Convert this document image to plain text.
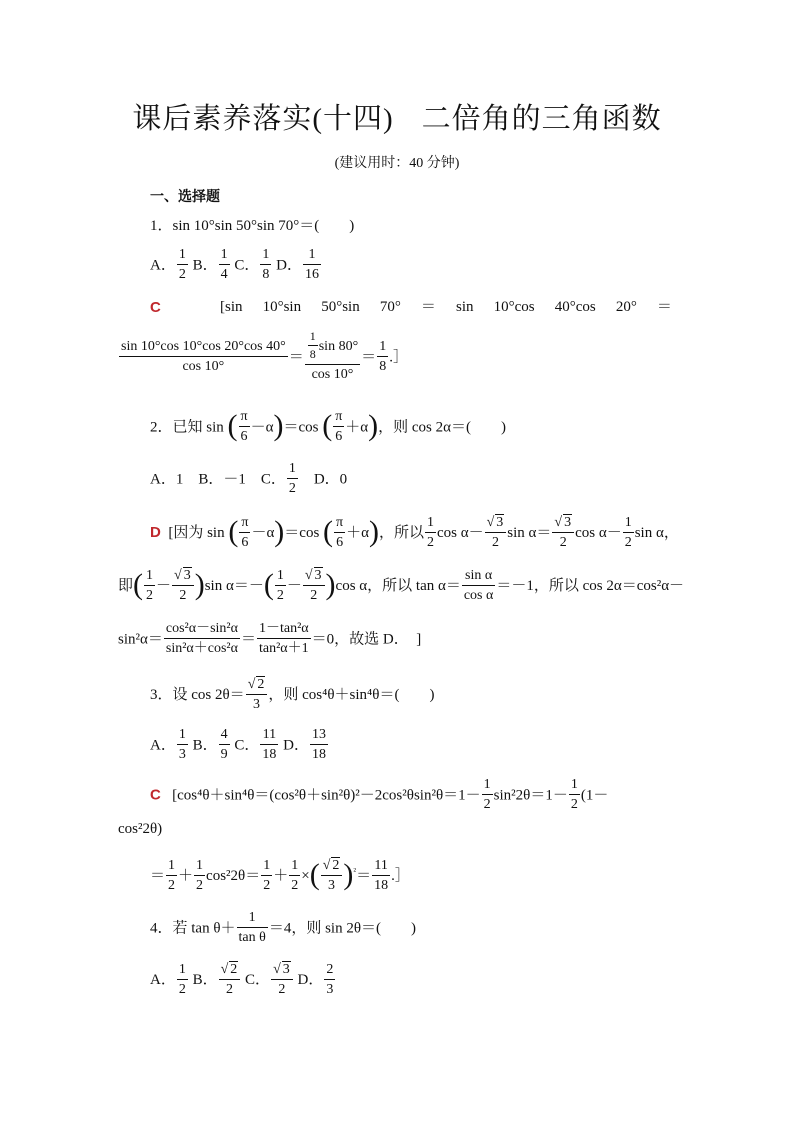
课后素养落实(十四) 二倍角的三角函数
(建议用时：40 分钟)
一、选择题
1．sin 10°sin 50°sin 70°＝(　　)
A． $\frac{1}{2}$ B． $\frac{1}{4}$ C． $\frac{1}{8}$ D． $\frac{1}{16}$
C	[sin 10°sin 50°sin 70° ＝ sin 10°cos 40°cos 20° ＝
$\frac{\sin 10^\circ\cos 10^\circ\cos 20^\circ\cos 40^\circ}{\cos 10^\circ} = \frac{\frac{1}{8} \sin 80^\circ}{\cos 10^\circ} = \frac{1}{8}$ .］
2．已知 sin ( $\frac{\pi}{6} -\alpha)=\cos$ ( $\frac{\pi}{6} +\alpha$)，则 cos 2α＝(　　)
A．1　B．－1　C． $\frac{1}{2}$ 　D．0
D [因为 sin ( $\frac{\pi}{6} -\alpha)=\cos$ ( $\frac{\pi}{6} +\alpha$)，所以 $\frac{1}{2}$ $\cos \alpha- \frac{√ 3}{2}$ $\sin \alpha= \frac{√ 3}{2}$ $\cos \alpha- \frac{1}{2}$ sin α，
即( $\frac{1}{2} - \frac{√ 3}{2} )\sin$ $\alpha=-( \frac{1}{2} - \frac{√ 3}{2} )\cos$ α，所以 $\tan \alpha= \frac{\text{sin α}}{\text{cos α}} =-1$，所以 cos 2α＝cos²α－
$\sin^2\alpha= \frac{\text{cos²α－sin²α}}{\text{sin²α＋cos²α}} = \frac{\text{1－tan²α}}{\text{tan²α＋1}} =0$，故选 D．　]
3．设 $\cos 2\theta= \frac{√ 2}{3}$ ，则 cos⁴θ＋sin⁴θ＝(　　)
A． $\frac{1}{3}$ B． $\frac{4}{9}$ C． $\frac{11}{18}$ D． $\frac{13}{18}$
C [$\cos^4\theta+\sin^4\theta=(\cos^2\theta+\sin^2\theta)^2-2\cos^2\theta\sin^2\theta=1- \frac{1}{2} \sin^22\theta=1- \frac{1}{2} (1-$
cos²2θ)
＝ $\frac{1}{2} + \frac{1}{2} \cos^22\theta= \frac{1}{2} + \frac{1}{2}$ ×( $\frac{√ 2}{3} )^{^2}= \frac{11}{18}$ .］
4．若 $\tan \theta+ \frac{1}{\text{tan θ}} =4$，则 sin 2θ＝(　　)
A． $\frac{1}{2}$ B． $\frac{√ 2}{2}$ C． $\frac{√ 3}{2}$ D． $\frac{2}{3}$
